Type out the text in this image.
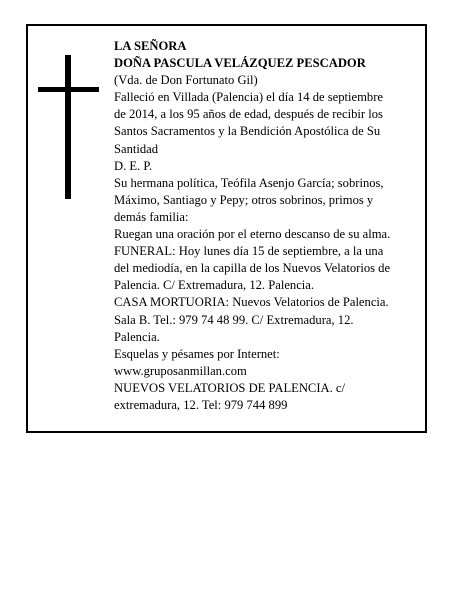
LA SEÑORA
DOÑA PASCULA VELÁZQUEZ PESCADOR
(Vda. de Don Fortunato Gil)
Falleció en Villada (Palencia) el día 14 de septiembre
de 2014, a los 95 años de edad, después de recibir los
Santos Sacramentos y la Bendición Apostólica de Su
Santidad
D. E. P.
Su hermana política, Teófila Asenjo García; sobrinos,
Máximo, Santiago y Pepy; otros sobrinos, primos y
demás familia:
Ruegan una oración por el eterno descanso de su alma.
FUNERAL: Hoy lunes día 15 de septiembre, a la una
del mediodía, en la capilla de los Nuevos Velatorios de
Palencia. C/ Extremadura, 12. Palencia.
CASA MORTUORIA: Nuevos Velatorios de Palencia.
Sala B. Tel.: 979 74 48 99. C/ Extremadura, 12.
Palencia.
Esquelas y pésames por Internet:
www.gruposanmillan.com
NUEVOS VELATORIOS DE PALENCIA. c/
extremadura, 12. Tel: 979 744 899
